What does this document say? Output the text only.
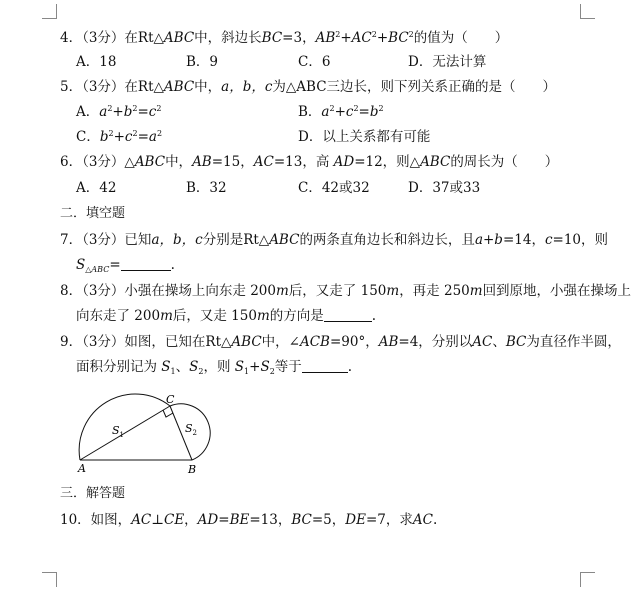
4．（3分）在Rt△ABC中，斜边长BC=3，$AB^2+AC^2+BC^2$的值为（　　）
A．18	B．9	C．6	D．无法计算
5．（3分）在Rt△ABC中，a，b，c为△ABC三边长，则下列关系正确的是（　　）
A．$a^2+b^2=c^2$	B．$a^2+c^2=b^2$
C．$b^2+c^2=a^2$	D．以上关系都有可能
6．（3分）△ABC中，AB=15，AC=13，高 AD=12，则△ABC的周长为（　　）
A．42	B．32	C．42或32	D．37或33
二．填空题
7．（3分）已知a，b，c分别是Rt△ABC的两条直角边长和斜边长，且a+b=14，c=10，则
$S_{\triangle ABC}=$	.
8．（3分）小强在操场上向东走 200m后，又走了 150m，再走 250m回到原地，小强在操场上
向东走了 200m后，又走 150m的方向是	.
9．（3分）如图，已知在Rt△ABC中，∠ACB=90°，AB=4，分别以AC、BC为直径作半圆，
面积分别记为 $S_1$、$S_2$，则 $S_1+S_2$等于	.
A	B
C
$S_1$	$S_2$
三．解答题
10．如图，AC⊥CE，AD=BE=13，BC=5，DE=7，求AC.
